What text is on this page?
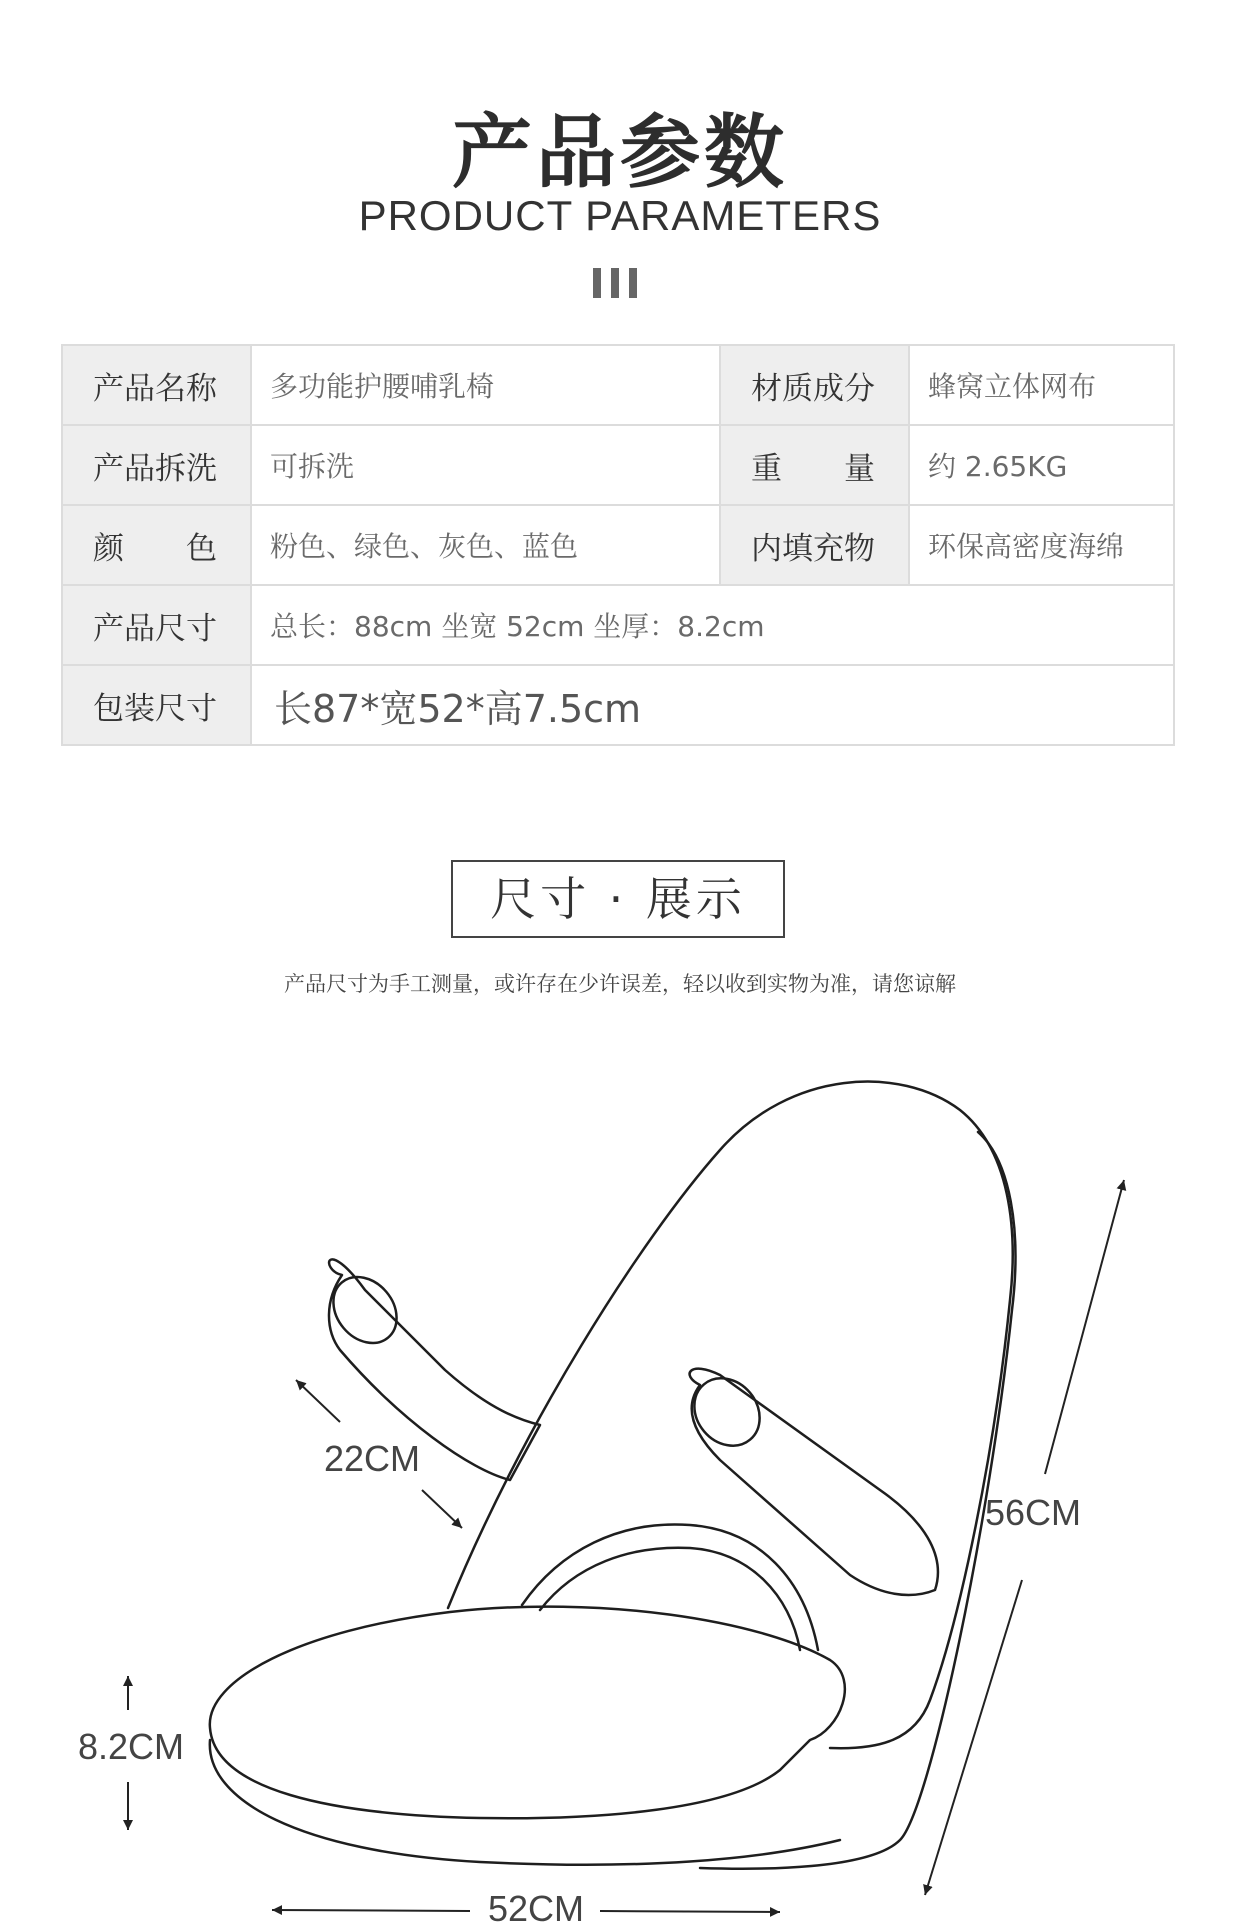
产品参数
PRODUCT PARAMETERS
产品名称	多功能护腰哺乳椅	材质成分	蜂窝立体网布
产品拆洗	可拆洗	重　　量	约 2.65KG
颜　　色	粉色、绿色、灰色、蓝色	内填充物	环保高密度海绵
产品尺寸	总长：88cm 坐宽 52cm 坐厚：8.2cm		
包装尺寸	长87*宽52*高7.5cm		
尺寸 · 展示
产品尺寸为手工测量，或许存在少许误差，轻以收到实物为准，请您谅解
22CM
56CM
8.2CM
52CM
